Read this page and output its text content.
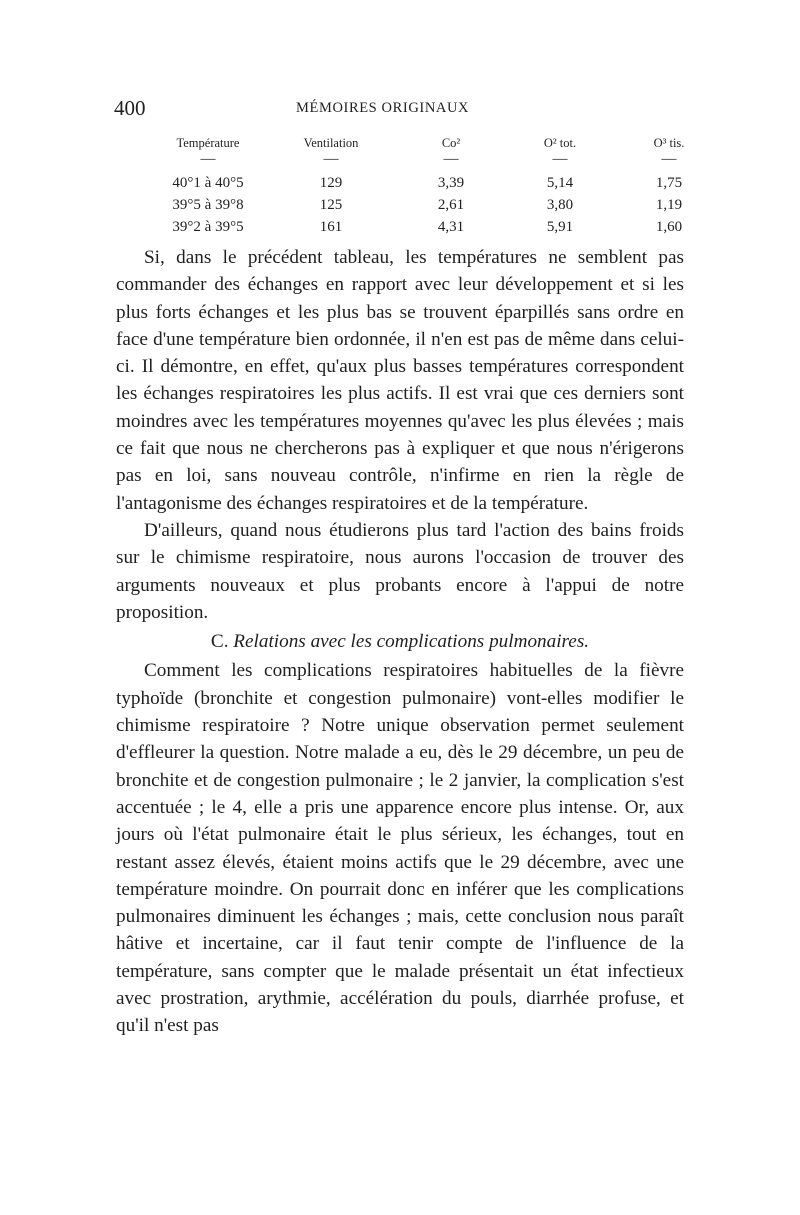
400	MÉMOIRES ORIGINAUX
Température	Ventilation	Co²	O² tot.	O³ tis.
—	—	—	—	—
40°1 à 40°5	129	3,39	5,14	1,75
39°5 à 39°8	125	2,61	3,80	1,19
39°2 à 39°5	161	4,31	5,91	1,60

Si, dans le précédent tableau, les températures ne semblent pas commander des échanges en rapport avec leur développement et si les plus forts échanges et les plus bas se trouvent éparpillés sans ordre en face d'une température bien ordonnée, il n'en est pas de même dans celui-ci. Il démontre, en effet, qu'aux plus basses températures correspondent les échanges respiratoires les plus actifs. Il est vrai que ces derniers sont moindres avec les températures moyennes qu'avec les plus élevées ; mais ce fait que nous ne chercherons pas à expliquer et que nous n'érigerons pas en loi, sans nouveau contrôle, n'infirme en rien la règle de l'antagonisme des échanges respiratoires et de la température.

D'ailleurs, quand nous étudierons plus tard l'action des bains froids sur le chimisme respiratoire, nous aurons l'occasion de trouver des arguments nouveaux et plus probants encore à l'appui de notre proposition.

C. Relations avec les complications pulmonaires.

Comment les complications respiratoires habituelles de la fièvre typhoïde (bronchite et congestion pulmonaire) vont-elles modifier le chimisme respiratoire ? Notre unique observation permet seulement d'effleurer la question. Notre malade a eu, dès le 29 décembre, un peu de bronchite et de congestion pulmonaire ; le 2 janvier, la complication s'est accentuée ; le 4, elle a pris une apparence encore plus intense. Or, aux jours où l'état pulmonaire était le plus sérieux, les échanges, tout en restant assez élevés, étaient moins actifs que le 29 décembre, avec une température moindre. On pourrait donc en inférer que les complications pulmonaires diminuent les échanges ; mais, cette conclusion nous paraît hâtive et incertaine, car il faut tenir compte de l'influence de la température, sans compter que le malade présentait un état infectieux avec prostration, arythmie, accélération du pouls, diarrhée profuse, et qu'il n'est pas
